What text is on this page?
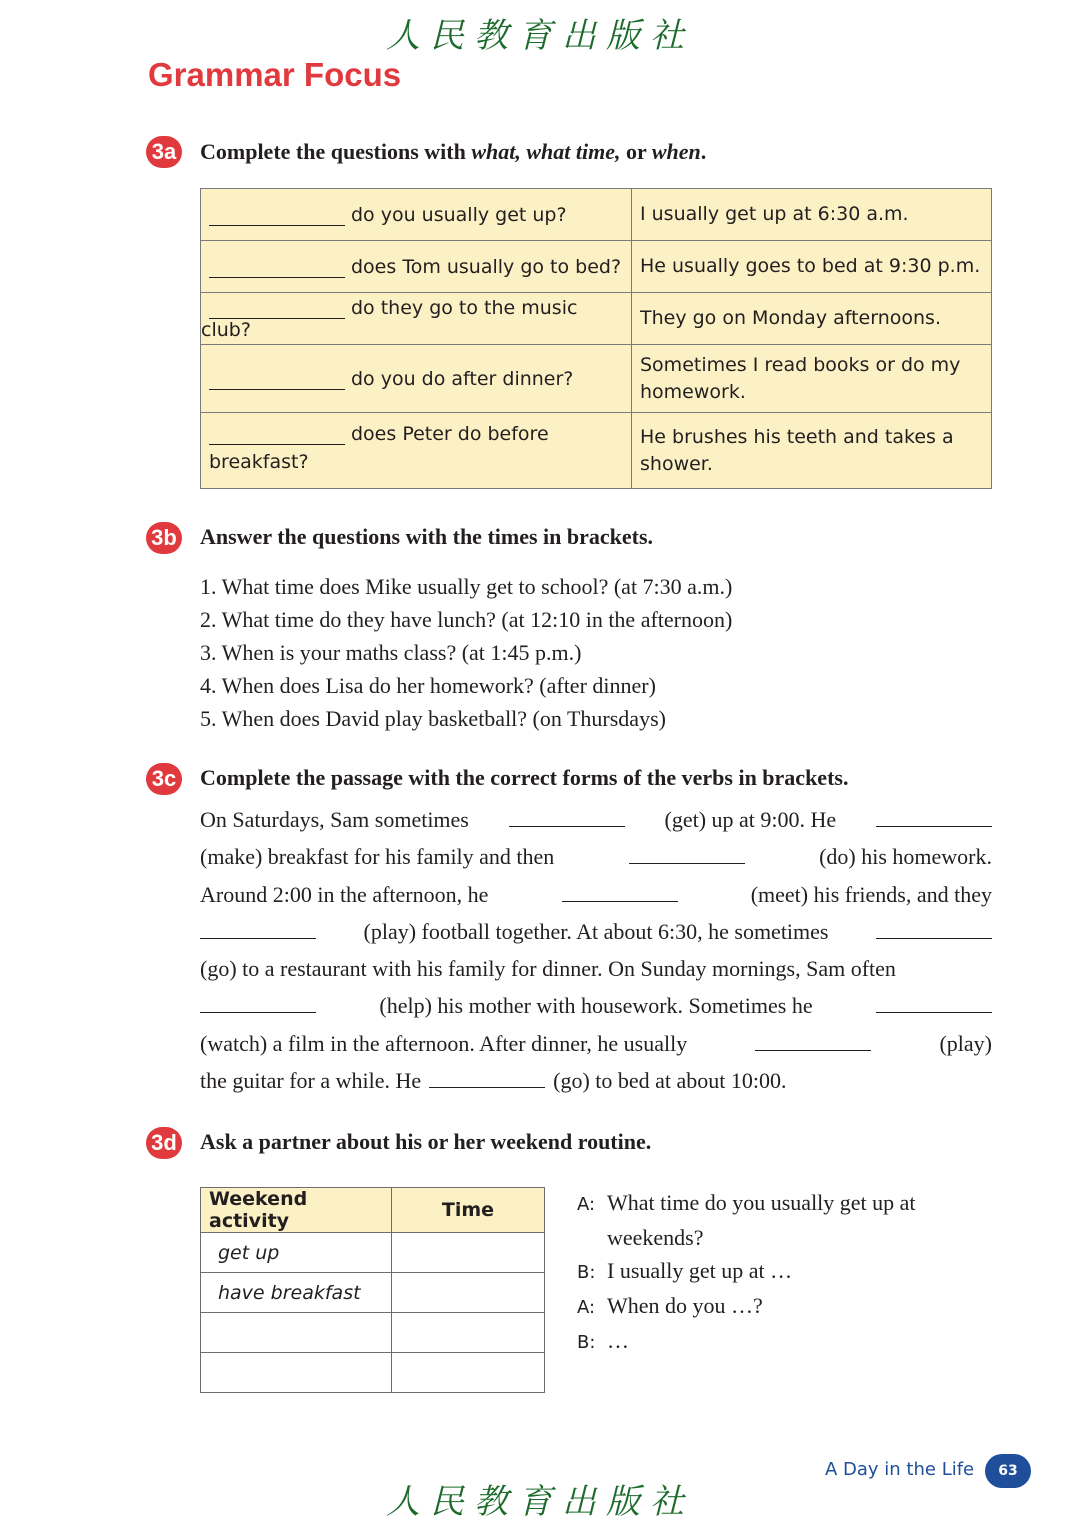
人民教育出版社
Grammar Focus
3a Complete the questions with what, what time, or when.
do you usually get up?	I usually get up at 6:30 a.m.
does Tom usually go to bed?	He usually goes to bed at 9:30 p.m.
do they go to the music club?	They go on Monday afternoons.
do you do after dinner?	Sometimes I read books or do my homework.

does Peter do before
breakfast?	He brushes his teeth and takes a shower.
3b Answer the questions with the times in brackets.
1. What time does Mike usually get to school? (at 7:30 a.m.)
2. What time do they have lunch? (at 12:10 in the afternoon)
3. When is your maths class? (at 1:45 p.m.)
4. When does Lisa do her homework? (after dinner)
5. When does David play basketball? (on Thursdays)
3c Complete the passage with the correct forms of the verbs in brackets.
On Saturdays, Sam sometimes	(get) up at 9:00. He
(make) breakfast for his family and then	(do) his homework.
Around 2:00 in the afternoon, he	(meet) his friends, and they
(play) football together. At about 6:30, he sometimes
(go) to a restaurant with his family for dinner. On Sunday mornings, Sam often
(help) his mother with housework. Sometimes he
(watch) a film in the afternoon. After dinner, he usually	(play)
the guitar for a while. He	(go) to bed at about 10:00.
3d Ask a partner about his or her weekend routine.
Weekend activity	Time
get up	
have breakfast	

A: What time do you usually get up at
weekends?
B: I usually get up at …
A: When do you …?
B: …
A Day in the Life	63
人民教育出版社
